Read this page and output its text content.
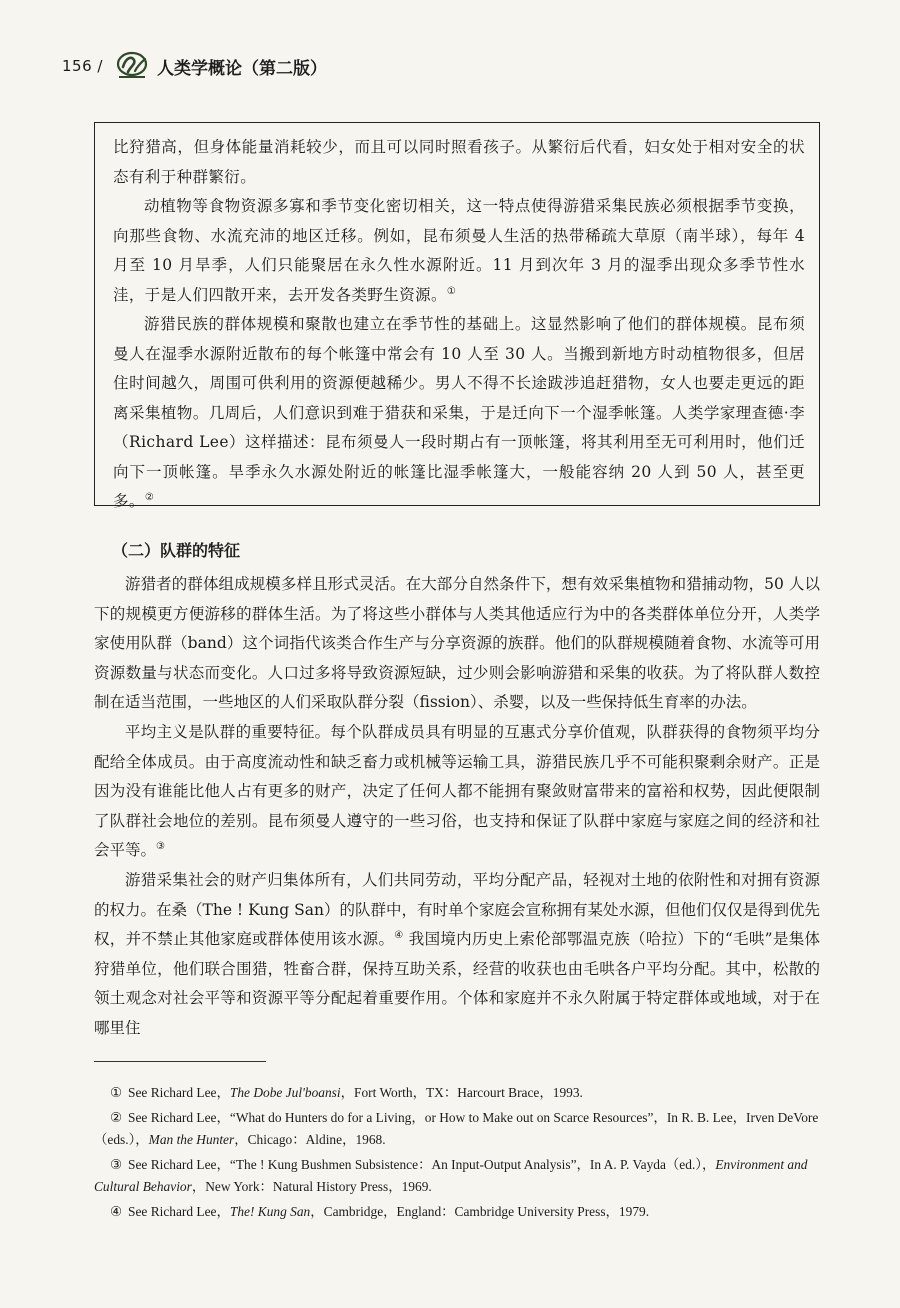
156 /	人类学概论（第二版）

比狩猎高，但身体能量消耗较少，而且可以同时照看孩子。从繁衍后代看，妇女处于相对安全的状态有利于种群繁衍。

动植物等食物资源多寡和季节变化密切相关，这一特点使得游猎采集民族必须根据季节变换，向那些食物、水流充沛的地区迁移。例如，昆布须曼人生活的热带稀疏大草原（南半球），每年 4 月至 10 月旱季，人们只能聚居在永久性水源附近。11 月到次年 3 月的湿季出现众多季节性水洼，于是人们四散开来，去开发各类野生资源。①

游猎民族的群体规模和聚散也建立在季节性的基础上。这显然影响了他们的群体规模。昆布须曼人在湿季水源附近散布的每个帐篷中常会有 10 人至 30 人。当搬到新地方时动植物很多，但居住时间越久，周围可供利用的资源便越稀少。男人不得不长途跋涉追赶猎物，女人也要走更远的距离采集植物。几周后，人们意识到难于猎获和采集，于是迁向下一个湿季帐篷。人类学家理查德·李（Richard Lee）这样描述：昆布须曼人一段时期占有一顶帐篷，将其利用至无可利用时，他们迁向下一顶帐篷。旱季永久水源处附近的帐篷比湿季帐篷大，一般能容纳 20 人到 50 人，甚至更多。②

（二）队群的特征

游猎者的群体组成规模多样且形式灵活。在大部分自然条件下，想有效采集植物和猎捕动物，50 人以下的规模更方便游移的群体生活。为了将这些小群体与人类其他适应行为中的各类群体单位分开，人类学家使用队群（band）这个词指代该类合作生产与分享资源的族群。他们的队群规模随着食物、水流等可用资源数量与状态而变化。人口过多将导致资源短缺，过少则会影响游猎和采集的收获。为了将队群人数控制在适当范围，一些地区的人们采取队群分裂（fission）、杀婴，以及一些保持低生育率的办法。

平均主义是队群的重要特征。每个队群成员具有明显的互惠式分享价值观，队群获得的食物须平均分配给全体成员。由于高度流动性和缺乏畜力或机械等运输工具，游猎民族几乎不可能积聚剩余财产。正是因为没有谁能比他人占有更多的财产，决定了任何人都不能拥有聚敛财富带来的富裕和权势，因此便限制了队群社会地位的差别。昆布须曼人遵守的一些习俗，也支持和保证了队群中家庭与家庭之间的经济和社会平等。③

游猎采集社会的财产归集体所有，人们共同劳动，平均分配产品，轻视对土地的依附性和对拥有资源的权力。在桑（The ! Kung San）的队群中，有时单个家庭会宣称拥有某处水源，但他们仅仅是得到优先权，并不禁止其他家庭或群体使用该水源。④ 我国境内历史上索伦部鄂温克族（哈拉）下的“毛哄”是集体狩猎单位，他们联合围猎，牲畜合群，保持互助关系，经营的收获也由毛哄各户平均分配。其中，松散的领土观念对社会平等和资源平等分配起着重要作用。个体和家庭并不永久附属于特定群体或地域，对于在哪里住

① See Richard Lee，The Dobe Jul'boansi，Fort Worth，TX：Harcourt Brace，1993.

② See Richard Lee，“What do Hunters do for a Living，or How to Make out on Scarce Resources”，In R. B. Lee，Irven DeVore（eds.），Man the Hunter，Chicago：Aldine，1968.

③ See Richard Lee，“The ! Kung Bushmen Subsistence：An Input-Output Analysis”，In A. P. Vayda（ed.），Environment and Cultural Behavior，New York：Natural History Press，1969.

④ See Richard Lee，The! Kung San，Cambridge，England：Cambridge University Press，1979.
